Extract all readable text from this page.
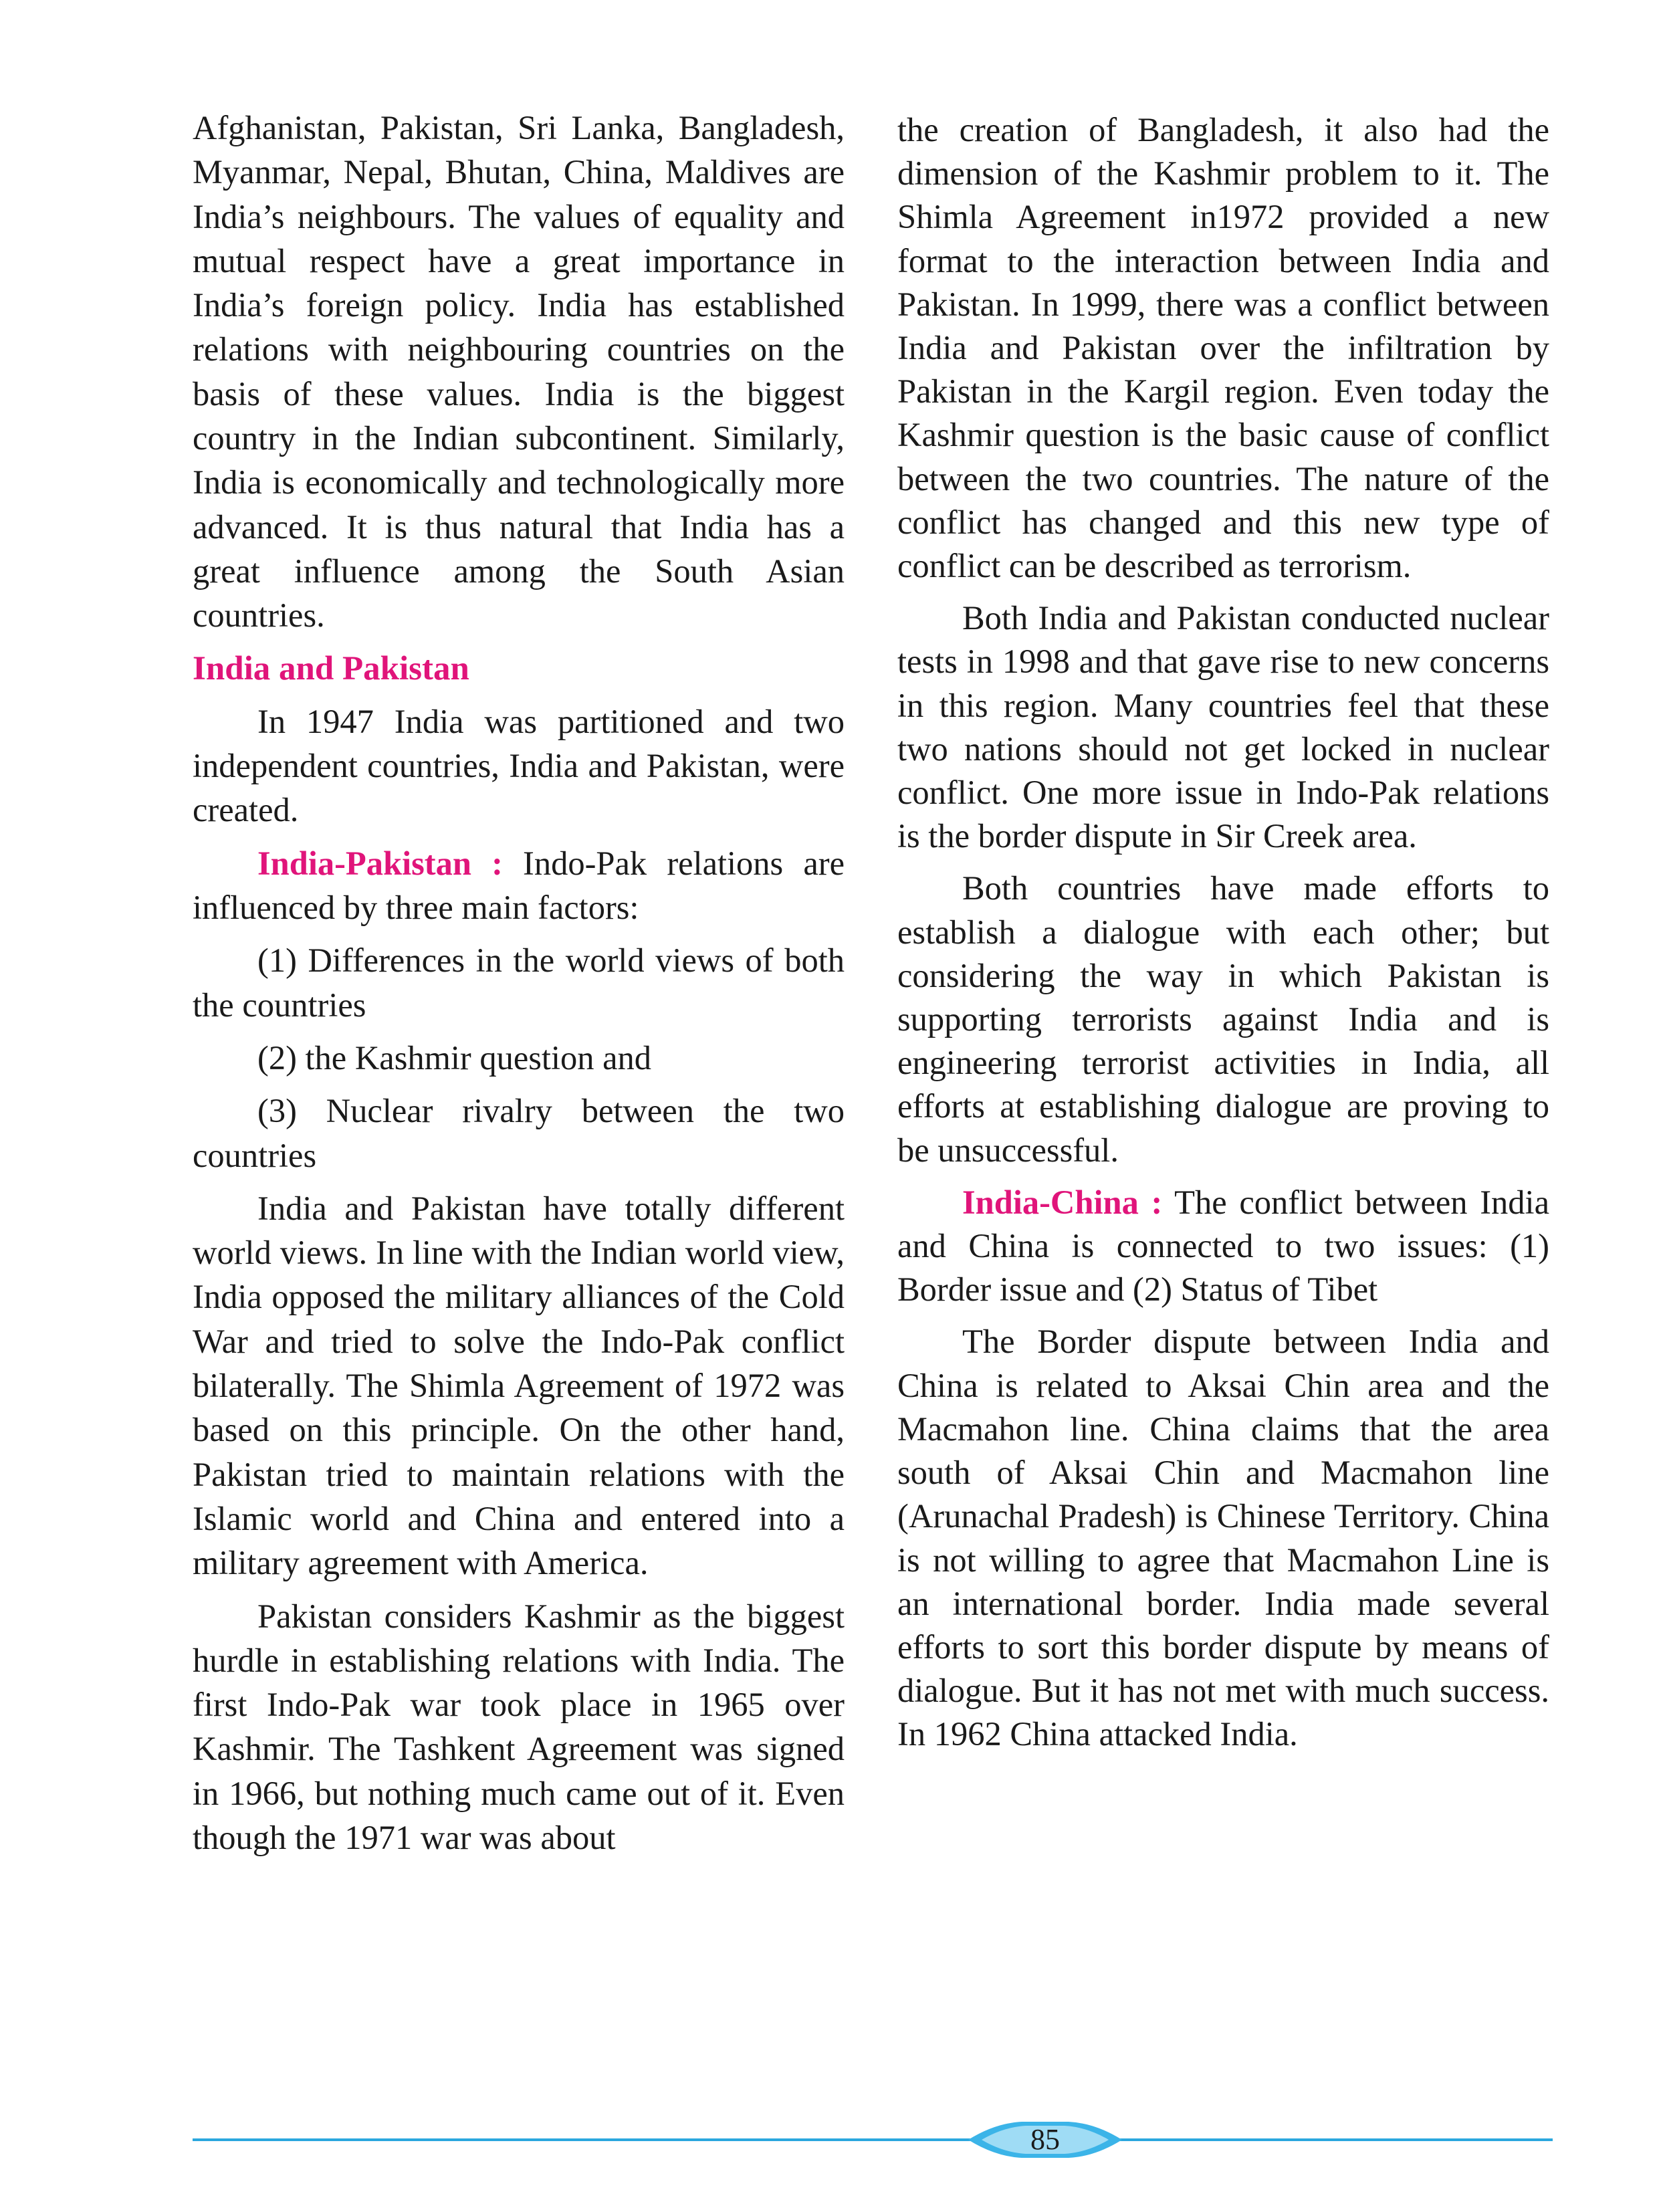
Afghanistan, Pakistan, Sri Lanka, Bangladesh, Myanmar, Nepal, Bhutan, China, Maldives are India’s neighbours. The values of equality and mutual respect have a great importance in India’s foreign policy. India has established relations with neighbouring countries on the basis of these values. India is the biggest country in the Indian subcontinent. Similarly, India is economically and technologically more advanced. It is thus natural that India has a great influence among the South Asian countries.

India and Pakistan

In 1947 India was partitioned and two independent countries, India and Pakistan, were created.

India-Pakistan : Indo-Pak relations are influenced by three main factors:

(1) Differences in the world views of both the countries

(2) the Kashmir question and

(3) Nuclear rivalry between the two countries

India and Pakistan have totally different world views. In line with the Indian world view, India opposed the military alliances of the Cold War and tried to solve the Indo-Pak conflict bilaterally. The Shimla Agreement of 1972 was based on this principle. On the other hand, Pakistan tried to maintain relations with the Islamic world and China and entered into a military agreement with America.

Pakistan considers Kashmir as the biggest hurdle in establishing relations with India. The first Indo-Pak war took place in 1965 over Kashmir. The Tashkent Agreement was signed in 1966, but nothing much came out of it. Even though the 1971 war was about

the creation of Bangladesh, it also had the dimension of the Kashmir problem to it. The Shimla Agreement in1972 provided a new format to the interaction between India and Pakistan. In 1999, there was a conflict between India and Pakistan over the infiltration by Pakistan in the Kargil region. Even today the Kashmir question is the basic cause of conflict between the two countries. The nature of the conflict has changed and this new type of conflict can be described as terrorism.

Both India and Pakistan conducted nuclear tests in 1998 and that gave rise to new concerns in this region. Many countries feel that these two nations should not get locked in nuclear conflict. One more issue in Indo-Pak relations is the border dispute in Sir Creek area.

Both countries have made efforts to establish a dialogue with each other; but considering the way in which Pakistan is supporting terrorists against India and is engineering terrorist activities in India, all efforts at establishing dialogue are proving to be unsuccessful.

India-China : The conflict between India and China is connected to two issues: (1) Border issue and (2) Status of Tibet

The Border dispute between India and China is related to Aksai Chin area and the Macmahon line. China claims that the area south of Aksai Chin and Macmahon line (Arunachal Pradesh) is Chinese Territory. China is not willing to agree that Macmahon Line is an international border. India made several efforts to sort this border dispute by means of dialogue. But it has not met with much success. In 1962 China attacked India.

85
